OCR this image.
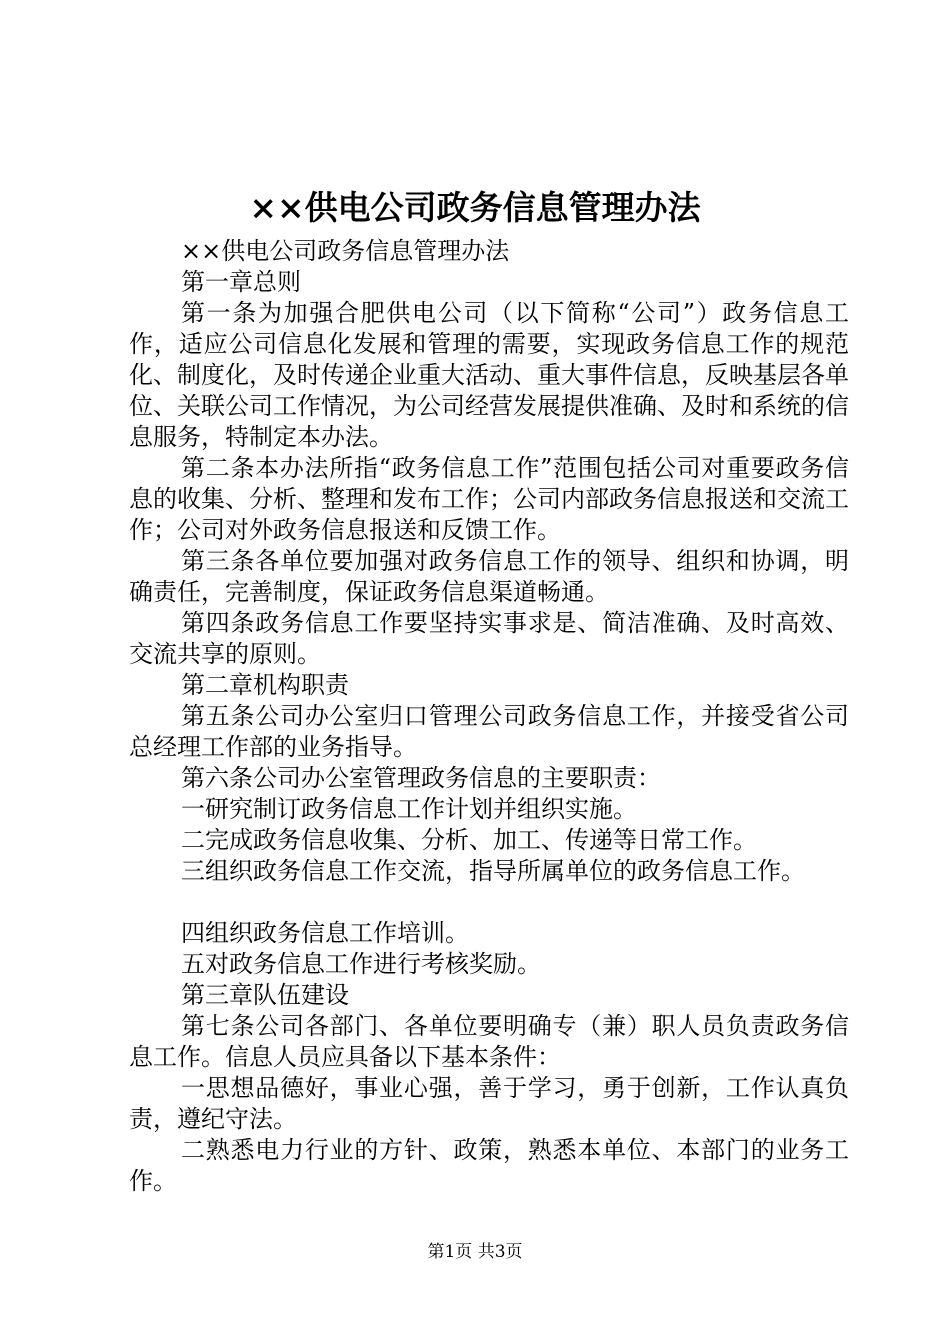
××供电公司政务信息管理办法

××供电公司政务信息管理办法

第一章总则

第一条为加强合肥供电公司（以下简称“公司”）政务信息工作，适应公司信息化发展和管理的需要，实现政务信息工作的规范化、制度化，及时传递企业重大活动、重大事件信息，反映基层各单位、关联公司工作情况，为公司经营发展提供准确、及时和系统的信息服务，特制定本办法。

第二条本办法所指“政务信息工作”范围包括公司对重要政务信息的收集、分析、整理和发布工作；公司内部政务信息报送和交流工作；公司对外政务信息报送和反馈工作。

第三条各单位要加强对政务信息工作的领导、组织和协调，明确责任，完善制度，保证政务信息渠道畅通。

第四条政务信息工作要坚持实事求是、简洁准确、及时高效、交流共享的原则。

第二章机构职责

第五条公司办公室归口管理公司政务信息工作，并接受省公司总经理工作部的业务指导。

第六条公司办公室管理政务信息的主要职责：

一研究制订政务信息工作计划并组织实施。

二完成政务信息收集、分析、加工、传递等日常工作。

三组织政务信息工作交流，指导所属单位的政务信息工作。

四组织政务信息工作培训。

五对政务信息工作进行考核奖励。

第三章队伍建设

第七条公司各部门、各单位要明确专（兼）职人员负责政务信息工作。信息人员应具备以下基本条件：

一思想品德好，事业心强，善于学习，勇于创新，工作认真负责，遵纪守法。

二熟悉电力行业的方针、政策，熟悉本单位、本部门的业务工作。

第1页 共3页
